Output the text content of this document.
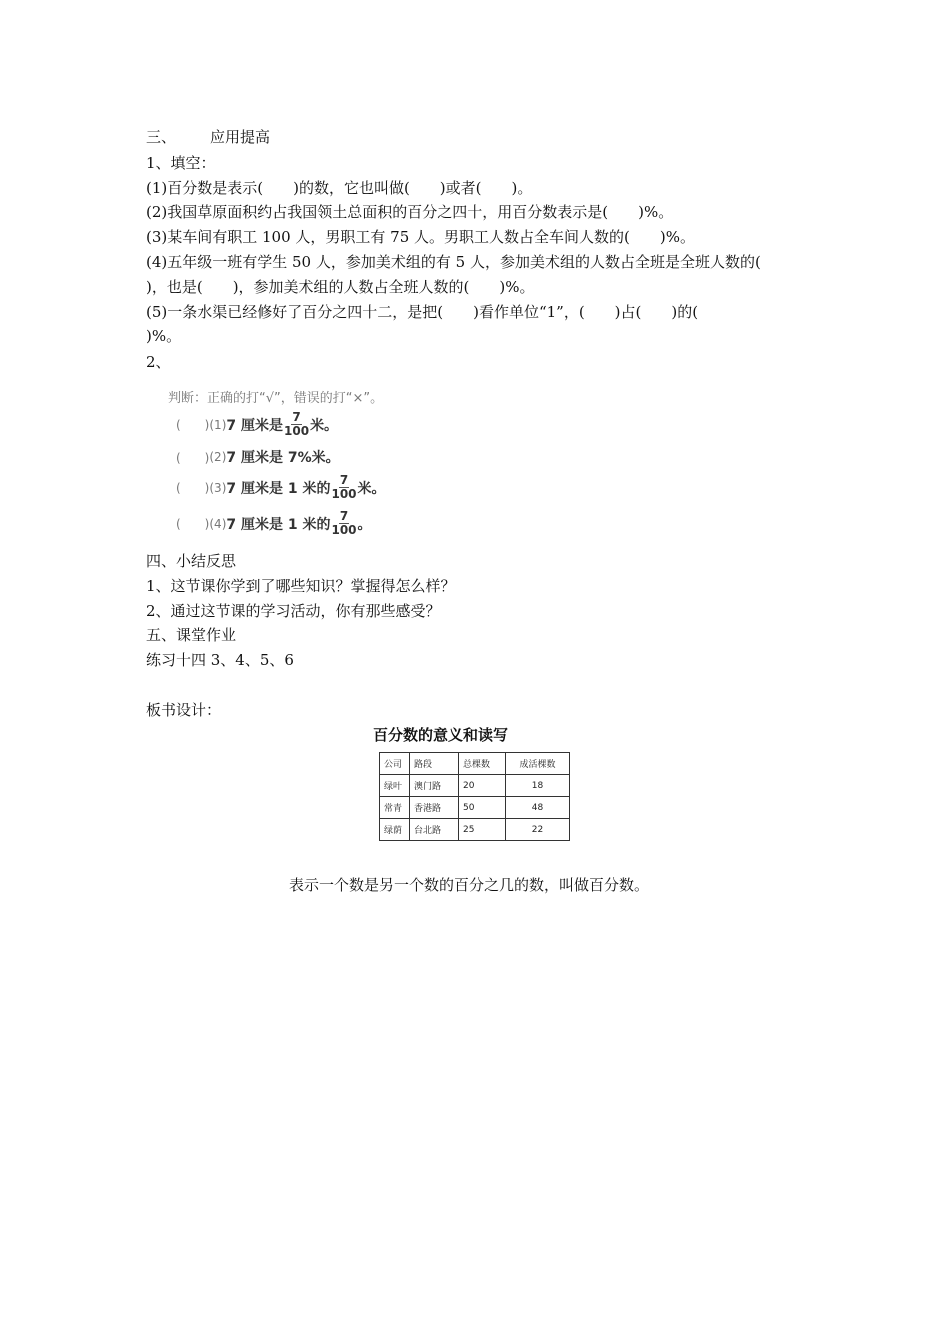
三、 应用提高
1、填空：
(1)百分数是表示(　　)的数，它也叫做(　　)或者(　　)。
(2)我国草原面积约占我国领土总面积的百分之四十，用百分数表示是(　　)%。
(3)某车间有职工 100 人，男职工有 75 人。男职工人数占全车间人数的(　　)%。
(4)五年级一班有学生 50 人，参加美术组的有 5 人，参加美术组的人数占全班是全班人数的(
)，也是(　　)，参加美术组的人数占全班人数的(　　)%。
(5)一条水渠已经修好了百分之四十二，是把(　　)看作单位“1”，(　　)占(　　)的(
)%。
2、
判断：正确的打“√”，错误的打“×”。
(　　) (1) 7 厘米是 $\frac{7}{100}$ 米。
(　　) (2) 7 厘米是 7%米。
(　　) (3) 7 厘米是 1 米的 $\frac{7}{100}$ 米。
(　　) (4) 7 厘米是 1 米的 $\frac{7}{100}$ 。
四、小结反思
1、这节课你学到了哪些知识？掌握得怎么样？
2、通过这节课的学习活动，你有那些感受？
五、课堂作业
练习十四 3、4、5、6
板书设计：
百分数的意义和读写
公司	路段	总棵数	成活棵数
绿叶	澳门路	20	18
常青	香港路	50	48
绿荫	台北路	25	22
表示一个数是另一个数的百分之几的数，叫做百分数。
